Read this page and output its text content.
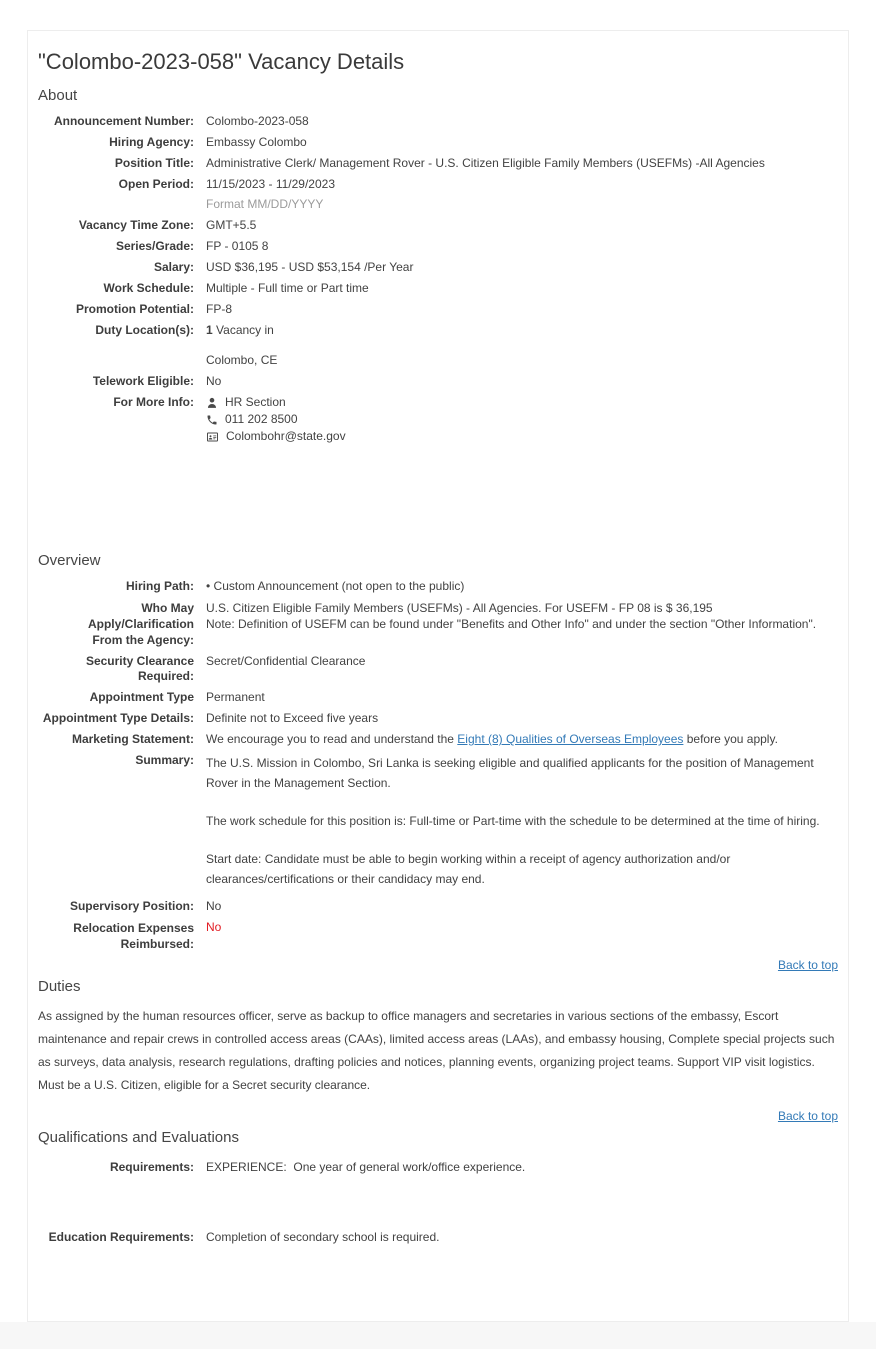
"Colombo-2023-058" Vacancy Details
About
Announcement Number: Colombo-2023-058
Hiring Agency: Embassy Colombo
Position Title: Administrative Clerk/ Management Rover - U.S. Citizen Eligible Family Members (USEFMs) -All Agencies
Open Period: 11/15/2023 - 11/29/2023
Format MM/DD/YYYY
Vacancy Time Zone: GMT+5.5
Series/Grade: FP - 0105 8
Salary: USD $36,195 - USD $53,154 /Per Year
Work Schedule: Multiple - Full time or Part time
Promotion Potential: FP-8
Duty Location(s): 1 Vacancy in
Colombo, CE
Telework Eligible: No
For More Info:	HR Section
011 202 8500
Colombohr@state.gov
Overview
Hiring Path: • Custom Announcement (not open to the public)
Who May Apply/Clarification
From the Agency:
U.S. Citizen Eligible Family Members (USEFMs) - All Agencies. For USEFM - FP 08 is $ 36,195
Note: Definition of USEFM can be found under "Benefits and Other Info" and under the section "Other Information".
Security Clearance Required:
Secret/Confidential Clearance
Appointment Type Permanent
Appointment Type Details: Definite not to Exceed five years
Marketing Statement: We encourage you to read and understand the Eight (8) Qualities of Overseas Employees before you apply.
Summary: The U.S. Mission in Colombo, Sri Lanka is seeking eligible and qualified applicants for the position of Management Rover in the Management Section.

The work schedule for this position is: Full-time or Part-time with the schedule to be determined at the time of hiring.

Start date: Candidate must be able to begin working within a receipt of agency authorization and/or clearances/certifications or their candidacy may end.

Supervisory Position: No
Relocation Expenses
Reimbursed:
No
Back to top
Duties

As assigned by the human resources officer, serve as backup to office managers and secretaries in various sections of the embassy, Escort maintenance and repair crews in controlled access areas (CAAs), limited access areas (LAAs), and embassy housing, Complete special projects such as surveys, data analysis, research regulations, drafting policies and notices, planning events, organizing project teams. Support VIP visit logistics. Must be a U.S. Citizen, eligible for a Secret security clearance.

Back to top
Qualifications and Evaluations
Requirements: EXPERIENCE:  One year of general work/office experience.
Education Requirements: Completion of secondary school is required.
